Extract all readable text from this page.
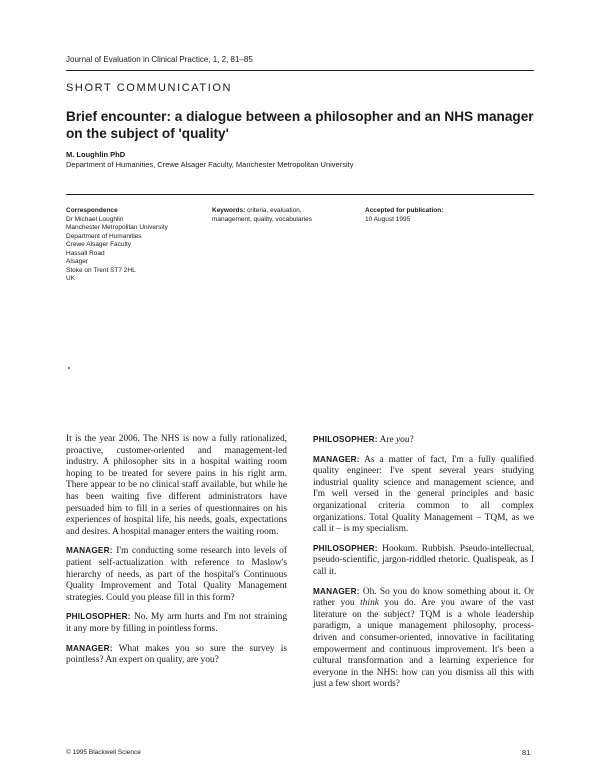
Journal of Evaluation in Clinical Practice, 1, 2, 81–85
SHORT COMMUNICATION
Brief encounter: a dialogue between a philosopher and an NHS manager on the subject of 'quality'
M. Loughlin PhD
Department of Humanities, Crewe Alsager Faculty, Manchester Metropolitan University
Correspondence
Dr Michael Loughlin
Manchester Metropolitan University
Department of Humanities
Crewe Alsager Faculty
Hassall Road
Alsager
Stoke on Trent ST7 2HL
UK
Keywords: criteria, evaluation, management, quality, vocabularies
Accepted for publication:
10 August 1995

It is the year 2006. The NHS is now a fully rationalized, proactive, customer-oriented and management-led industry. A philosopher sits in a hospital waiting room hoping to be treated for severe pains in his right arm. There appear to be no clinical staff available, but while he has been waiting five different administrators have persuaded him to fill in a series of questionnaires on his experiences of hospital life, his needs, goals, expectations and desires. A hospital manager enters the waiting room.

MANAGER: I'm conducting some research into levels of patient self-actualization with reference to Maslow's hierarchy of needs, as part of the hospital's Continuous Quality Improvement and Total Quality Management strategies. Could you please fill in this form?

PHILOSOPHER: No. My arm hurts and I'm not straining it any more by filling in pointless forms.

MANAGER: What makes you so sure the survey is pointless? An expert on quality, are you?

PHILOSOPHER: Are you?

MANAGER: As a matter of fact, I'm a fully qualified quality engineer: I've spent several years studying industrial quality science and management science, and I'm well versed in the general principles and basic organizational criteria common to all complex organizations. Total Quality Management – TQM, as we call it – is my specialism.

PHILOSOPHER: Hookum. Rubbish. Pseudo-intellectual, pseudo-scientific, jargon-riddled rhetoric. Qualispeak, as I call it.

MANAGER: Oh. So you do know something about it. Or rather you think you do. Are you aware of the vast literature on the subject? TQM is a whole leadership paradigm, a unique management philosophy, process-driven and consumer-oriented, innovative in facilitating empowerment and continuous improvement. It's been a cultural transformation and a learning experience for everyone in the NHS: how can you dismiss all this with just a few short words?

© 1995 Blackwell Science	81
